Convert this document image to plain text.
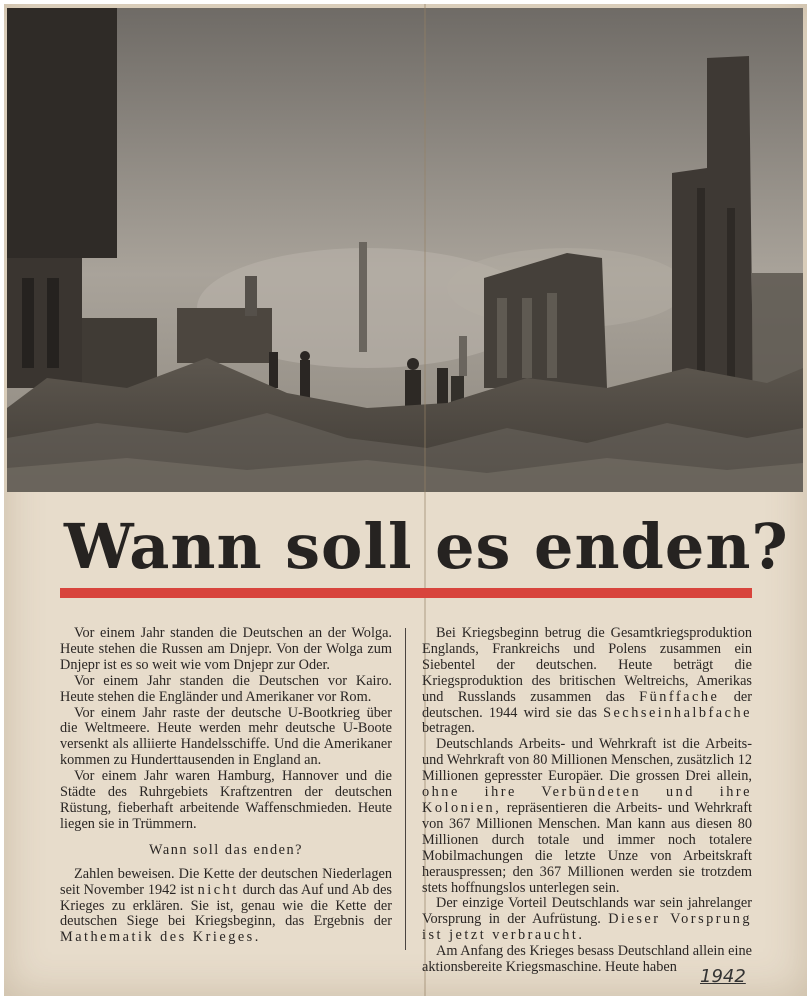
Wann soll es enden?

Vor einem Jahr standen die Deutschen an der Wolga. Heute stehen die Russen am Dnjepr. Von der Wolga zum Dnjepr ist es so weit wie vom Dnjepr zur Oder.

Vor einem Jahr standen die Deutschen vor Kairo. Heute stehen die Engländer und Amerikaner vor Rom.

Vor einem Jahr raste der deutsche U-Bootkrieg über die Weltmeere. Heute werden mehr deutsche U-Boote versenkt als alliierte Handelsschiffe. Und die Amerikaner kommen zu Hunderttausenden in England an.

Vor einem Jahr waren Hamburg, Hannover und die Städte des Ruhrgebiets Kraftzentren der deutschen Rüstung, fieberhaft arbeitende Waffenschmieden. Heute liegen sie in Trümmern.

Wann soll das enden?

Zahlen beweisen. Die Kette der deutschen Niederlagen seit November 1942 ist nicht durch das Auf und Ab des Krieges zu erklären. Sie ist, genau wie die Kette der deutschen Siege bei Kriegsbeginn, das Ergebnis der Mathematik des Krieges.

Bei Kriegsbeginn betrug die Gesamtkriegsproduktion Englands, Frankreichs und Polens zusammen ein Siebentel der deutschen. Heute beträgt die Kriegsproduktion des britischen Weltreichs, Amerikas und Russlands zusammen das Fünffache der deutschen. 1944 wird sie das Sechseinhalbfache betragen.

Deutschlands Arbeits- und Wehrkraft ist die Arbeits- und Wehrkraft von 80 Millionen Menschen, zusätzlich 12 Millionen gepresster Europäer. Die grossen Drei allein, ohne ihre Verbündeten und ihre Kolonien, repräsentieren die Arbeits- und Wehrkraft von 367 Millionen Menschen. Man kann aus diesen 80 Millionen durch totale und immer noch totalere Mobilmachungen die letzte Unze von Arbeitskraft herauspressen; den 367 Millionen werden sie trotzdem stets hoffnungslos unterlegen sein.

Der einzige Vorteil Deutschlands war sein jahrelanger Vorsprung in der Aufrüstung. Dieser Vorsprung ist jetzt verbraucht.

Am Anfang des Krieges besass Deutschland allein eine aktionsbereite Kriegsmaschine. Heute haben	1942
